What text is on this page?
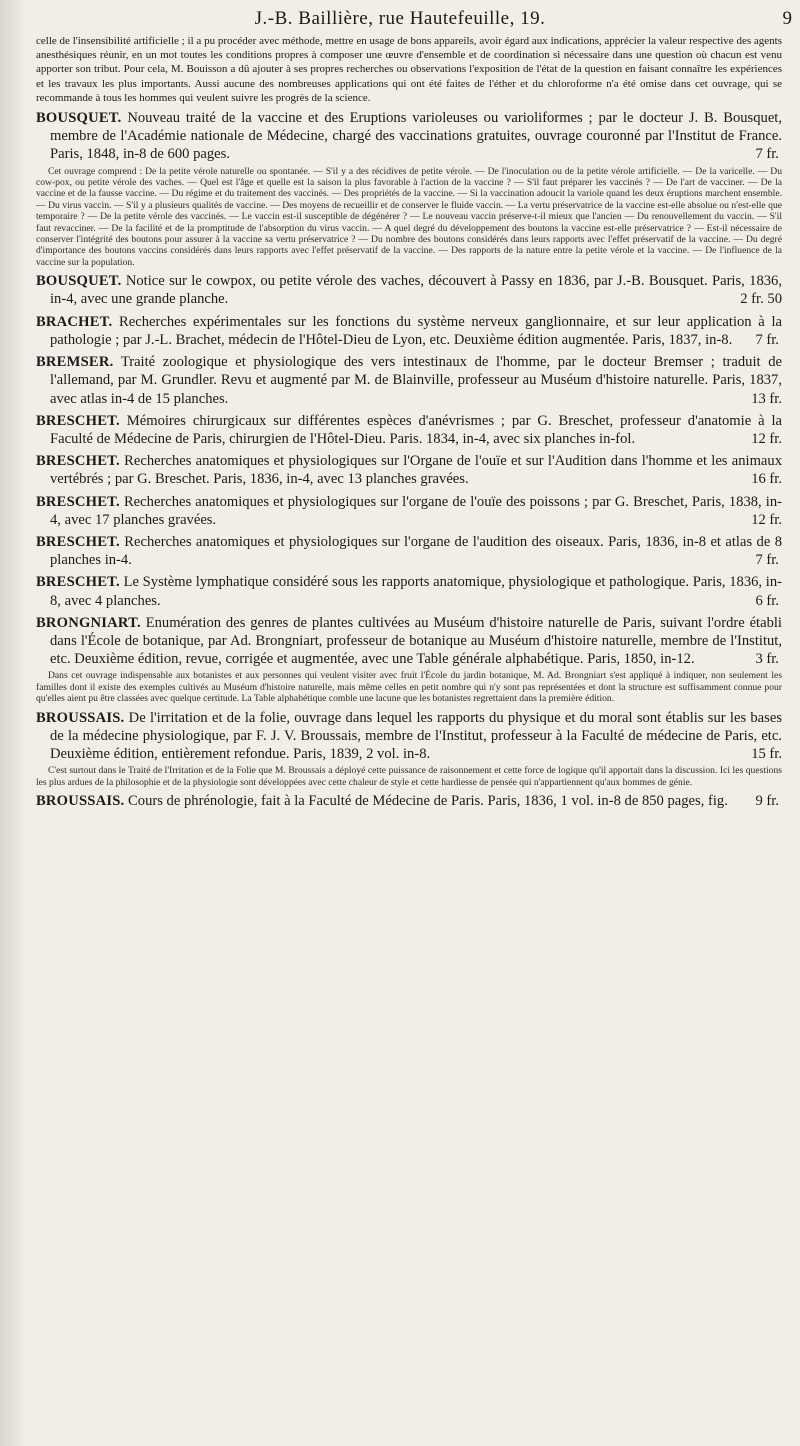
J.-B. Baillière, rue Hautefeuille, 19.	9

celle de l'insensibilité artificielle ; il a pu procéder avec méthode, mettre en usage de bons appareils, avoir égard aux indications, apprécier la valeur respective des agents anesthésiques réunir, en un mot toutes les conditions propres à composer une œuvre d'ensemble et de coordination si nécessaire dans une question où chacun est venu apporter son tribut. Pour cela, M. Bouisson a dû ajouter à ses propres recherches ou observations l'exposition de l'état de la question en faisant connaître les expériences et les travaux les plus importants. Aussi aucune des nombreuses applications qui ont été faites de l'éther et du chloroforme n'a été omise dans cet ouvrage, qui se recommande à tous les hommes qui veulent suivre les progrès de la science.

BOUSQUET. Nouveau traité de la vaccine et des Eruptions varioleuses ou varioliformes ; par le docteur J. B. Bousquet, membre de l'Académie nationale de Médecine, chargé des vaccinations gratuites, ouvrage couronné par l'Institut de France. Paris, 1848, in-8 de 600 pages.	7 fr.

Cet ouvrage comprend : De la petite vérole naturelle ou spontanée. — S'il y a des récidives de petite vérole. — De l'inoculation ou de la petite vérole artificielle. — De la varicelle. — Du cow-pox, ou petite vérole des vaches. — Quel est l'âge et quelle est la saison la plus favorable à l'action de la vaccine ? — S'il faut préparer les vaccinés ? — De l'art de vacciner. — De la vaccine et de la fausse vaccine. — Du régime et du traitement des vaccinés. — Des propriétés de la vaccine. — Si la vaccination adoucit la variole quand les deux éruptions marchent ensemble. — Du virus vaccin. — S'il y a plusieurs qualités de vaccine. — Des moyens de recueillir et de conserver le fluide vaccin. — La vertu préservatrice de la vaccine est-elle absolue ou n'est-elle que temporaire ? — De la petite vérole des vaccinés. — Le vaccin est-il susceptible de dégénérer ? — Le nouveau vaccin préserve-t-il mieux que l'ancien — Du renouvellement du vaccin. — S'il faut revacciner. — De la facilité et de la promptitude de l'absorption du virus vaccin. — A quel degré du développement des boutons la vaccine est-elle préservatrice ? — Est-il nécessaire de conserver l'intégrité des boutons pour assurer à la vaccine sa vertu préservatrice ? — Du nombre des boutons considérés dans leurs rapports avec l'effet préservatif de la vaccine. — Du degré d'importance des boutons vaccins considérés dans leurs rapports avec l'effet préservatif de la vaccine. — Des rapports de la nature entre la petite vérole et la vaccine. — De l'influence de la vaccine sur la population.

BOUSQUET. Notice sur le cowpox, ou petite vérole des vaches, découvert à Passy en 1836, par J.-B. Bousquet. Paris, 1836, in-4, avec une grande planche.	2 fr. 50

BRACHET. Recherches expérimentales sur les fonctions du système nerveux ganglionnaire, et sur leur application à la pathologie ; par J.-L. Brachet, médecin de l'Hôtel-Dieu de Lyon, etc. Deuxième édition augmentée. Paris, 1837, in-8. 7 fr.

BREMSER. Traité zoologique et physiologique des vers intestinaux de l'homme, par le docteur Bremser ; traduit de l'allemand, par M. Grundler. Revu et augmenté par M. de Blainville, professeur au Muséum d'histoire naturelle. Paris, 1837, avec atlas in-4 de 15 planches.	13 fr.

BRESCHET. Mémoires chirurgicaux sur différentes espèces d'anévrismes ; par G. Breschet, professeur d'anatomie à la Faculté de Médecine de Paris, chirurgien de l'Hôtel-Dieu. Paris. 1834, in-4, avec six planches in-fol.	12 fr.

BRESCHET. Recherches anatomiques et physiologiques sur l'Organe de l'ouïe et sur l'Audition dans l'homme et les animaux vertébrés ; par G. Breschet. Paris, 1836, in-4, avec 13 planches gravées.	16 fr.

BRESCHET. Recherches anatomiques et physiologiques sur l'organe de l'ouïe des poissons ; par G. Breschet, Paris, 1838, in-4, avec 17 planches gravées.	12 fr.

BRESCHET. Recherches anatomiques et physiologiques sur l'organe de l'audition des oiseaux. Paris, 1836, in-8 et atlas de 8 planches in-4.	7 fr.

BRESCHET. Le Système lymphatique considéré sous les rapports anatomique, physiologique et pathologique. Paris, 1836, in-8, avec 4 planches.	6 fr.

BRONGNIART. Enumération des genres de plantes cultivées au Muséum d'histoire naturelle de Paris, suivant l'ordre établi dans l'École de botanique, par Ad. Brongniart, professeur de botanique au Muséum d'histoire naturelle, membre de l'Institut, etc. Deuxième édition, revue, corrigée et augmentée, avec une Table générale alphabétique. Paris, 1850, in-12.	3 fr.

Dans cet ouvrage indispensable aux botanistes et aux personnes qui veulent visiter avec fruit l'École du jardin botanique, M. Ad. Brongniart s'est appliqué à indiquer, non seulement les familles dont il existe des exemples cultivés au Muséum d'histoire naturelle, mais même celles en petit nombre qui n'y sont pas représentées et dont la structure est suffisamment connue pour qu'elles aient pu être classées avec quelque certitude. La Table alphabétique comble une lacune que les botanistes regrettaient dans la première édition.

BROUSSAIS. De l'irritation et de la folie, ouvrage dans lequel les rapports du physique et du moral sont établis sur les bases de la médecine physiologique, par F. J. V. Broussais, membre de l'Institut, professeur à la Faculté de médecine de Paris, etc. Deuxième édition, entièrement refondue. Paris, 1839, 2 vol. in-8.	15 fr.

C'est surtout dans le Traité de l'Irritation et de la Folie que M. Broussais a déployé cette puissance de raisonnement et cette force de logique qu'il apportait dans la discussion. Ici les questions les plus ardues de la philosophie et de la physiologie sont développées avec cette chaleur de style et cette hardiesse de pensée qui n'appartiennent qu'aux hommes de génie.

BROUSSAIS. Cours de phrénologie, fait à la Faculté de Médecine de Paris. Paris, 1836, 1 vol. in-8 de 850 pages, fig. 9 fr.
